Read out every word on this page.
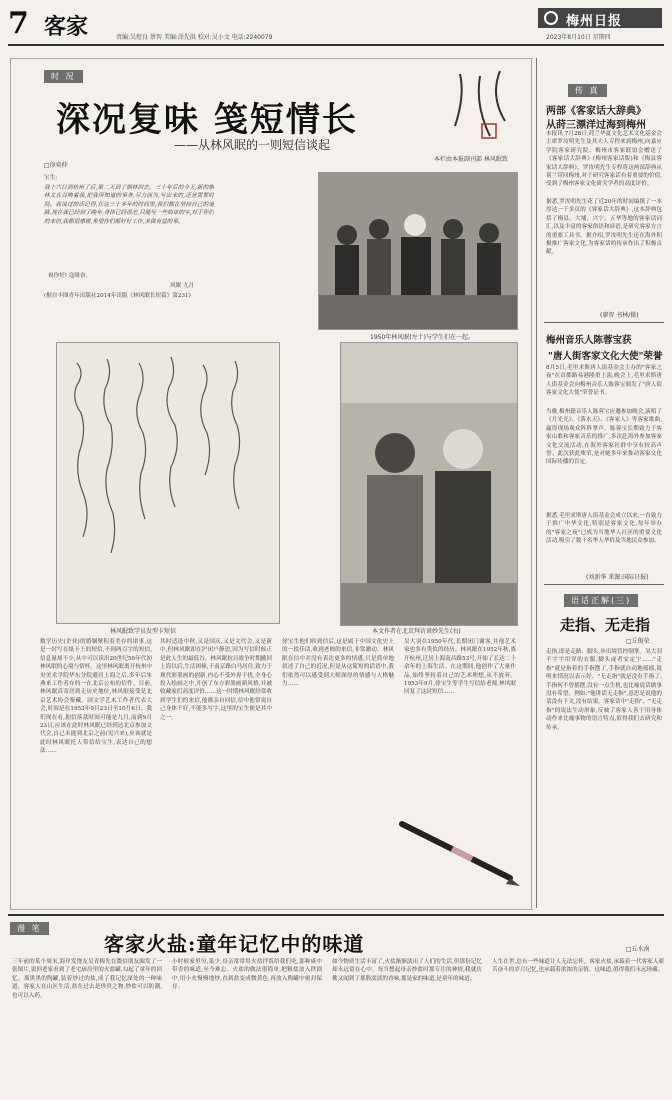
7 客家	责编:吴煜良 蔡智 美编:涂先洪 校对:吴小文 电话:2240079
梅州日报
2023年8月10日 星期四
时 况
深况复味 笺短情长
——从林风眠的一则短信谈起
□徐奕仲
宝生:
我十六日到杭州了后,第二天到了朝林回去。三十年后的今天,新的朝林又在召唤着我,把我所知道的事务,尽力而为,写出来的,还是需要时间。我说过的话记得,在这三十多年的时间里,我们都在坚持自己的道路,现在我已经到了晚年,身体已经很差,只能写一些简单的字,对于你们的来信,我都很感谢,希望你们都好好工作,多做有益的事。
祝你好! 寇缉奋。
风眠 九月
(据自丰图青年出版社2014年出版《林风眠长短篇》第231)
本栏由本报副刊部 林风眠致
1950年林风眠(左十)与学生们在一起。
林风眠致学员发型卡短信	本文作者在北京拜访谟妙先生(右)
数学历史(企业)的婚姻聚积着美存的诸事,这是一封写在纸卡上的短信,不到两百字的短信,信息量却不少,从中可以读出20世纪50年代初林风眠的心境与情怀。这里林风眠离开杭州中央美术学院华东分院避居上海之后,多年后朱燕来工作者存的一在北京公布的信件。目前,林风眠真寄居到无历史地位,林风眠接受是北京艺术协会鉴藏。国文学艺术工作者代表大会,时间是在1953年9月23日至10月6日。我们现在看,据信落款时间可能是九月,而到9月23日,应该在此时林风眠已经到达北京参加文代会,自己未能到北京之前(见兴来),应该就是此时林风眠托人带信给宝生,表达自己的想法……
其时适逢中秋,又是国庆,又是文代会,又是新中,但林风眠却在沪闭户静思,因为写信时候正是此人生的最低谷。林风眠抗日战争时期撤回上海以后,生活困顿,于南京路白马居住,致力于现代彩墨画的创新,内心不受外界干扰,全身心投入绘画之中,开创了东方彩墨画新风格,并被收藏家们高度评价……这一时期林风眠经常收到学生们的来信,他都亲自回信,信中他常说自己身体不好,不能多写字,这里的宝生便是其中之一。
徐宝生他们收到信后,这是属于中国文化史上的一段佳话,收到老师的来信,非常激动。林风眠在信中并没有表达更多的情感,只是简单地叙述了自己的近况,但是从这简短的话语中,我们依然可以感受到大师深厚的情感与人格魅力……
吴大羽在1950年代,长期闭门谢客,其他艺术家也多有类似的经历。林风眠在1952年秋,离开杭州,迁居上海南昌路53号,开始了长达二十余年的上海生活。在这期间,他创作了大量作品,始终坚持着自己的艺术理想,从不放弃。1953年9月,徐宝生等学生写信给老师,林风眠回复了这封短信……
传 真
两部《客家话大辞典》
从莳三漂洋过海到梅州
本报讯 7月28日,荷兰华夏文化艺术文化基金会主席罗汝明先生及其夫人专程来到梅州,向嘉应学院客家研究院、梅州市客家联谊会赠送了《客家话大辞典》(梅州客家话版)和《梅县客家话大辞典》。罗汝明先生专程将这两部辞典从荷兰带回梅州,对于研究客家话有着重要的价值,受到了梅州客家文化研究学者的高度评价。
据悉,罗汝明先生花了近20年的时间编撰了一本厚达一千多页的《客家话大辞典》,这本辞典包括了梅县、大埔、兴宁、五华等地的客家话词汇,以及丰富的客家俗语和谚语,是研究客家方言的重要工具书。据介绍,罗汝明先生还在海外积极推广客家文化,为客家话的传承作出了积极贡献。
(廖智 书林/摄)
梅州音乐人陈蓉宝获
"唐人街客家文化大使"荣誉
8月5日,毛里求斯唐人街基金会主办的"客家之夜"在首都路易港隆重上演,晚会上,毛里求斯唐人街基金会向梅州音乐人陈蓉宝颁发了"唐人街客家文化大使"荣誉证书。
当晚,梅州籍音乐人陈蓉宝应邀参加晚会,演唱了《月光光》、《落水天》、《客家人》等客家歌曲,赢得现场观众阵阵掌声。陈蓉宝长期致力于客家山歌和客家音乐的推广,多次赴海外参加客家文化交流活动,在海外客家社群中享有较高声誉。此次获此殊荣,是对她多年来推动客家文化国际传播的肯定。
据悉,毛里求斯唐人街基金会成立以来,一直致力于推广中华文化,特别是客家文化,每年举办的"客家之夜"已成为当地华人社区的重要文化活动,吸引了数千名华人华侨及当地民众参加。
(刘新华 来源:国际日报)
语话正解(三)
走指、无走指
□丘俊荣
走指,即是走路、脚头,步出境管控制掌。吴大羽不宇宇用穿的衣服,脚头或者安定宁……"走指"就是指着的手指摆了,手指就自动地摇摇,说明来情况以表示好。"无走指"就是没有手指了,手指何不曾摇摆,没有一点生机,也比喻说话做事没有希望。例如:"他讲话无走指",意思是说他的话没有下文,没有结果。客家话中"走指"、"无走指"的说法生动形象,反映了客家人善于用身体动作来比喻事物的语言特点,值得我们去研究和传承。
漫 笔
客家火盐:童年记忆中的味道	□丘水南
三年前的某个周末,海岸发饶友吴青梅先在微信朋友圈发了一张图片,说回老家看到了老宅厨房里的火盐罐,勾起了童年的回忆。那黑黑的陶罐,装着炒过的盐,成了我记忆深处的一种味道。客家人在山区生活,盐在过去是珍贵之物,炒盐可以防潮,也可以入药。
小时候家里穷,菜少,母亲常常用火盐拌饭给我们吃,那种咸中带香的味道,至今难忘。火盐的做法很简单,把粗盐放入铁锅中,用小火慢慢地炒,直到盐变成微黄色,再放入陶罐中密封保存。
如今物质生活丰富了,火盐渐渐淡出了人们的生活,但那份记忆却永远留在心中。每当想起母亲炒盐时那专注的神情,我就仿佛又闻到了那股淡淡的香味,那是家的味道,是童年的味道。
人生在世,总有一些味道让人无法忘怀。客家火盐,承载着一代客家人艰苦奋斗的岁月记忆,也承载着浓浓的亲情。这味道,值得我们永远珍藏。
